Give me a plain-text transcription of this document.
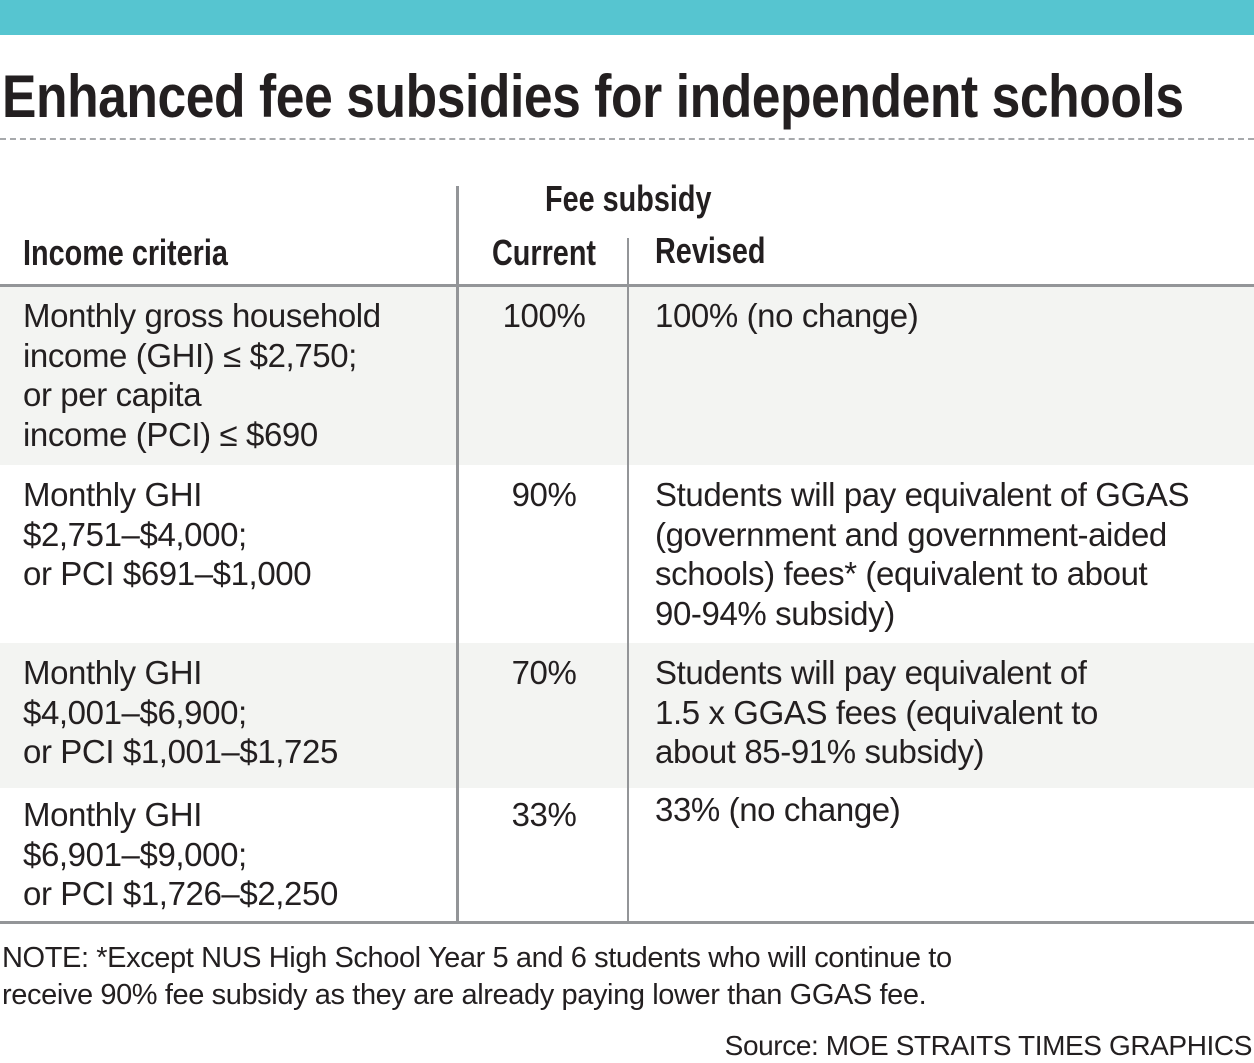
Enhanced fee subsidies for independent schools
Fee subsidy
Income criteria	Current Revised
Monthly gross household
income (GHI) ≤ $2,750;
or per capita
income (PCI) ≤ $690
100%	100% (no change)
Monthly GHI
$2,751–$4,000;
or PCI $691–$1,000
90%	Students will pay equivalent of GGAS
(government and government-aided
schools) fees* (equivalent to about
90-94% subsidy)
Monthly GHI
$4,001–$6,900;
or PCI $1,001–$1,725
70%	Students will pay equivalent of
1.5 x GGAS fees (equivalent to
about 85-91% subsidy)
Monthly GHI
$6,901–$9,000;
or PCI $1,726–$2,250
33%	33% (no change)
NOTE: *Except NUS High School Year 5 and 6 students who will continue to
receive 90% fee subsidy as they are already paying lower than GGAS fee.
Source: MOE STRAITS TIMES GRAPHICS
